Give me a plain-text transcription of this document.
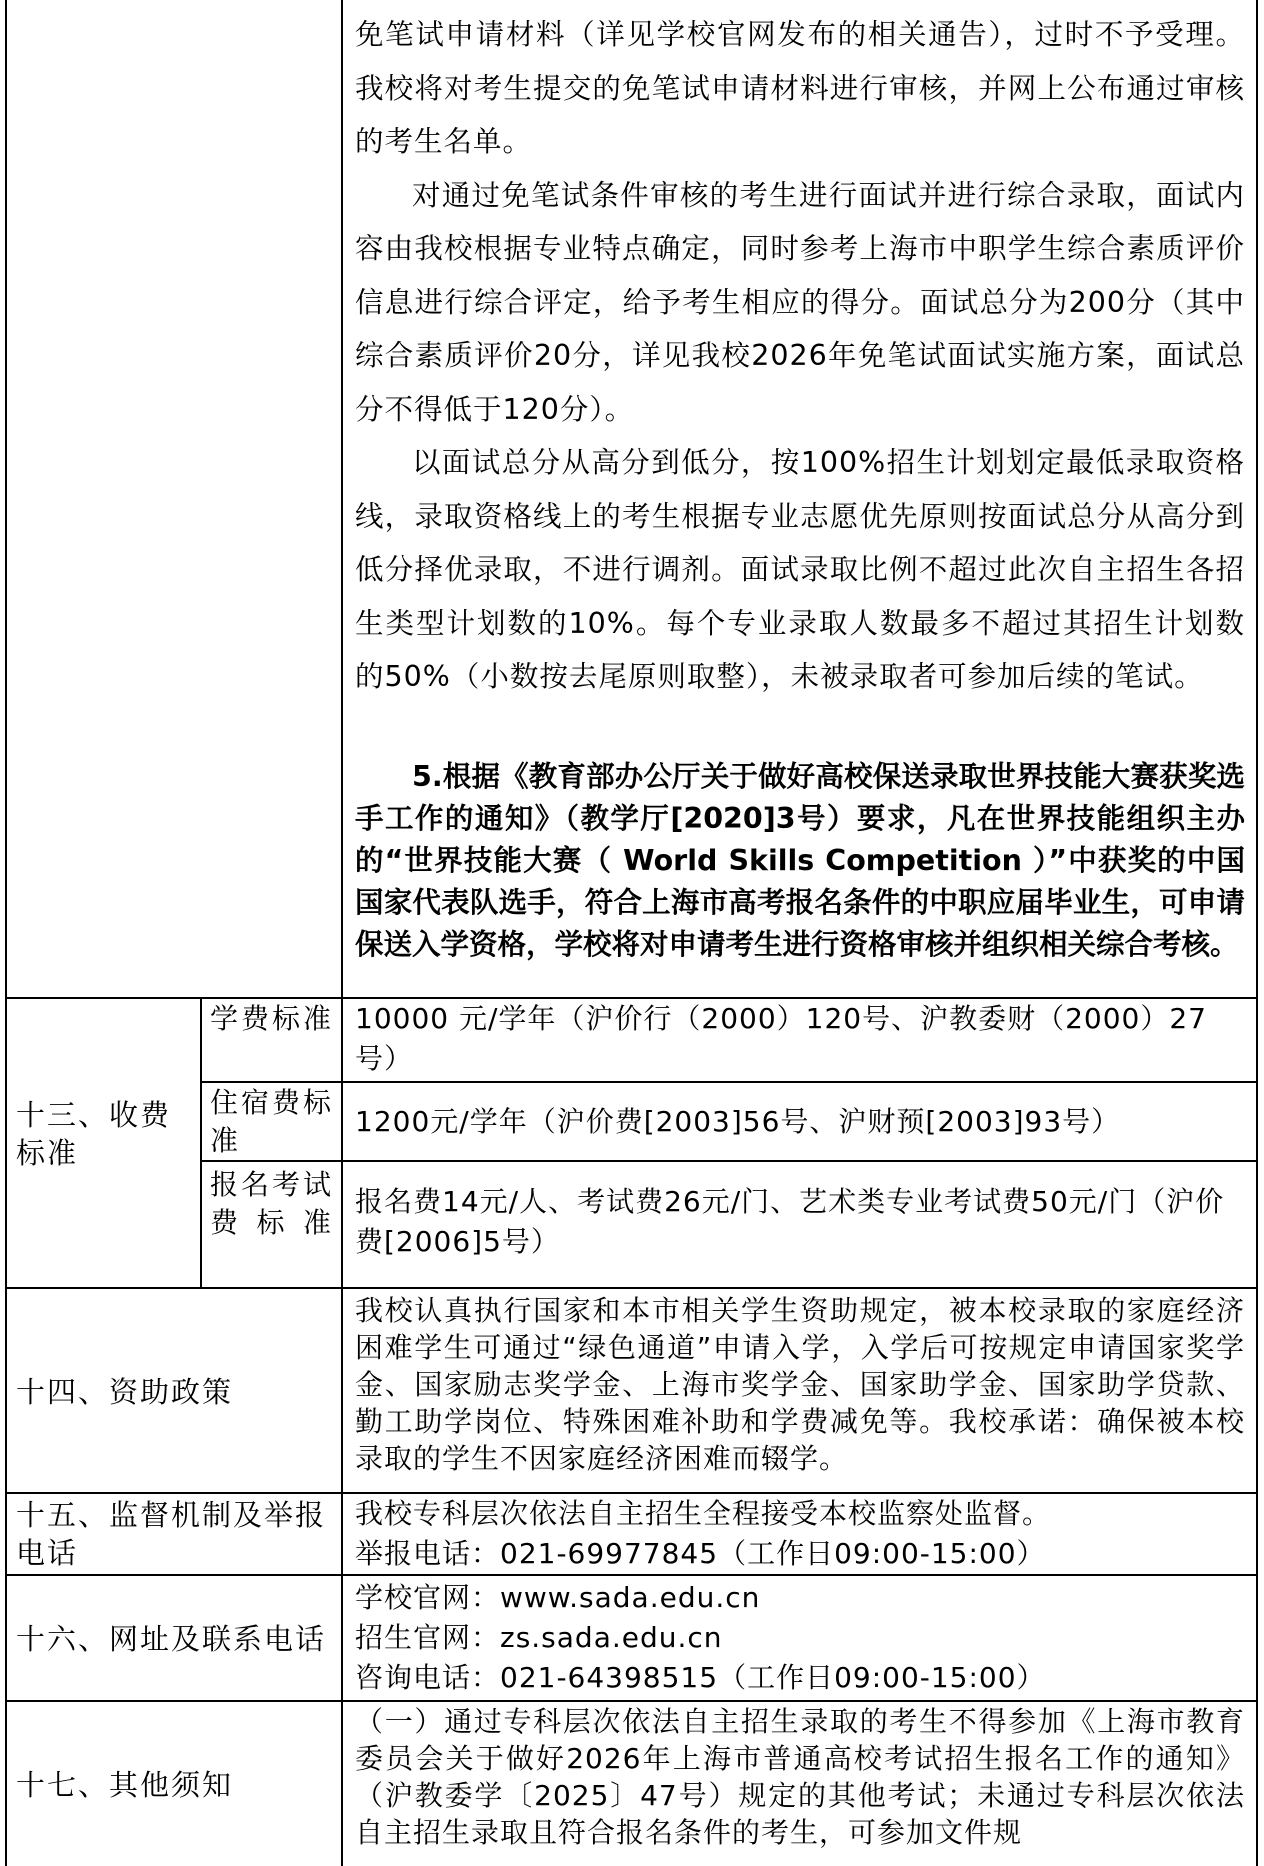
免笔试申请材料（详见学校官网发布的相关通告），过时不予受理。我校将对考生提交的免笔试申请材料进行审核，并网上公布通过审核的考生名单。

对通过免笔试条件审核的考生进行面试并进行综合录取，面试内容由我校根据专业特点确定，同时参考上海市中职学生综合素质评价信息进行综合评定，给予考生相应的得分。面试总分为200分（其中综合素质评价20分，详见我校2026年免笔试面试实施方案，面试总分不得低于120分）。

以面试总分从高分到低分，按100%招生计划划定最低录取资格线，录取资格线上的考生根据专业志愿优先原则按面试总分从高分到低分择优录取，不进行调剂。面试录取比例不超过此次自主招生各招生类型计划数的10%。每个专业录取人数最多不超过其招生计划数的50%（小数按去尾原则取整），未被录取者可参加后续的笔试。

5.根据《教育部办公厅关于做好高校保送录取世界技能大赛获奖选手工作的通知》（教学厅[2020]3号）要求，凡在世界技能组织主办的“世界技能大赛（ World Skills Competition ）”中获奖的中国国家代表队选手，符合上海市高考报名条件的中职应届毕业生，可申请保送入学资格，学校将对申请考生进行资格审核并组织相关综合考核。

十三、收费标准
学费标准 10000 元/学年（沪价行（2000）120号、沪教委财（2000）27号）
住宿费标准
1200元/学年（沪价费[2003]56号、沪财预[2003]93号）
报名考试费标准
报名费14元/人、考试费26元/门、艺术类专业考试费50元/门（沪价费[2006]5号）
十四、资助政策
我校认真执行国家和本市相关学生资助规定，被本校录取的家庭经济困难学生可通过“绿色通道”申请入学，入学后可按规定申请国家奖学金、国家励志奖学金、上海市奖学金、国家助学金、国家助学贷款、勤工助学岗位、特殊困难补助和学费减免等。我校承诺：确保被本校录取的学生不因家庭经济困难而辍学。
十五、监督机制及举报电话
我校专科层次依法自主招生全程接受本校监察处监督。
举报电话：021-69977845（工作日09:00-15:00）
十六、网址及联系电话
学校官网：www.sada.edu.cn
招生官网：zs.sada.edu.cn
咨询电话：021-64398515（工作日09:00-15:00）
十七、其他须知
（一）通过专科层次依法自主招生录取的考生不得参加《上海市教育委员会关于做好2026年上海市普通高校考试招生报名工作的通知》（沪教委学〔2025〕47号）规定的其他考试；未通过专科层次依法自主招生录取且符合报名条件的考生，可参加文件规
